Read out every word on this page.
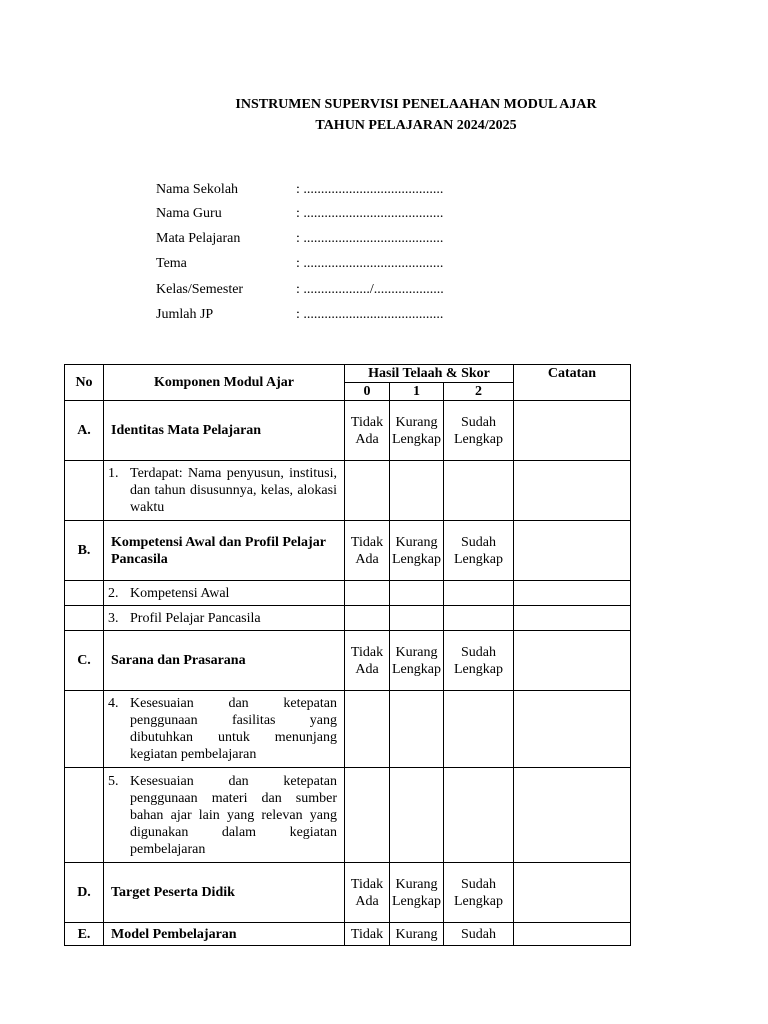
INSTRUMEN SUPERVISI PENELAAHAN MODUL AJAR
TAHUN PELAJARAN 2024/2025
Nama Sekolah	: ........................................
Nama Guru	: ........................................
Mata Pelajaran	: ........................................
Tema	: ........................................
Kelas/Semester	: .................../....................
Jumlah JP	: ........................................
No	Komponen Modul Ajar	Hasil Telaah & Skor			Catatan
		0	1	2	
A.	Identitas Mata Pelajaran	Tidak Ada	Kurang Lengkap	Sudah Lengkap	

	1. Terdapat: Nama penyusun, institusi, dan tahun disusunnya, kelas, alokasi waktu				

B.	Kompetensi Awal dan Profil Pelajar Pancasila	Tidak Ada	Kurang Lengkap	Sudah Lengkap	

	2. Kompetensi Awal				

	3. Profil Pelajar Pancasila				

C.	Sarana dan Prasarana	Tidak Ada	Kurang Lengkap	Sudah Lengkap	

	4. Kesesuaian dan ketepatan penggunaan fasilitas yang dibutuhkan untuk menunjang kegiatan pembelajaran				

	5. Kesesuaian dan ketepatan penggunaan materi dan sumber bahan ajar lain yang relevan yang digunakan dalam kegiatan pembelajaran				

D.	Target Peserta Didik	Tidak Ada	Kurang Lengkap	Sudah Lengkap	
E.	Model Pembelajaran	Tidak	Kurang	Sudah	
